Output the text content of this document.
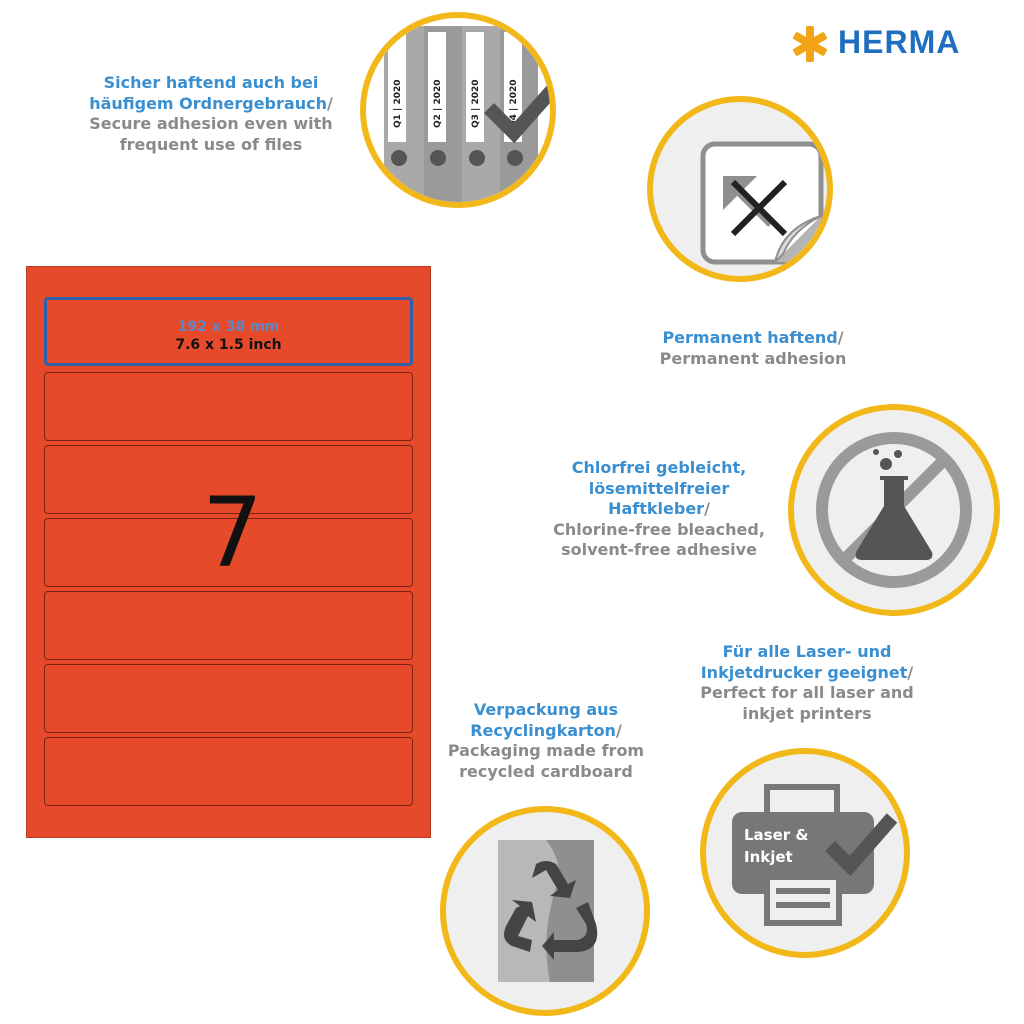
HERMA
192 x 38 mm
7.6 x 1.5 inch
7
Sicher haftend auch bei häufigem Ordnergebrauch/
Secure adhesion even with frequent use of files
Q1 | 2020	Q2 | 2020	Q3 | 2020	Q4 | 2020
Permanent haftend/
Permanent adhesion
Chlorfrei gebleicht, lösemittelfreier Haftkleber/
Chlorine-free bleached, solvent-free adhesive
Für alle Laser- und Inkjetdrucker geeignet/
Perfect for all laser and inkjet printers
Laser &
Inkjet
Verpackung aus Recyclingkarton/
Packaging made from recycled cardboard
